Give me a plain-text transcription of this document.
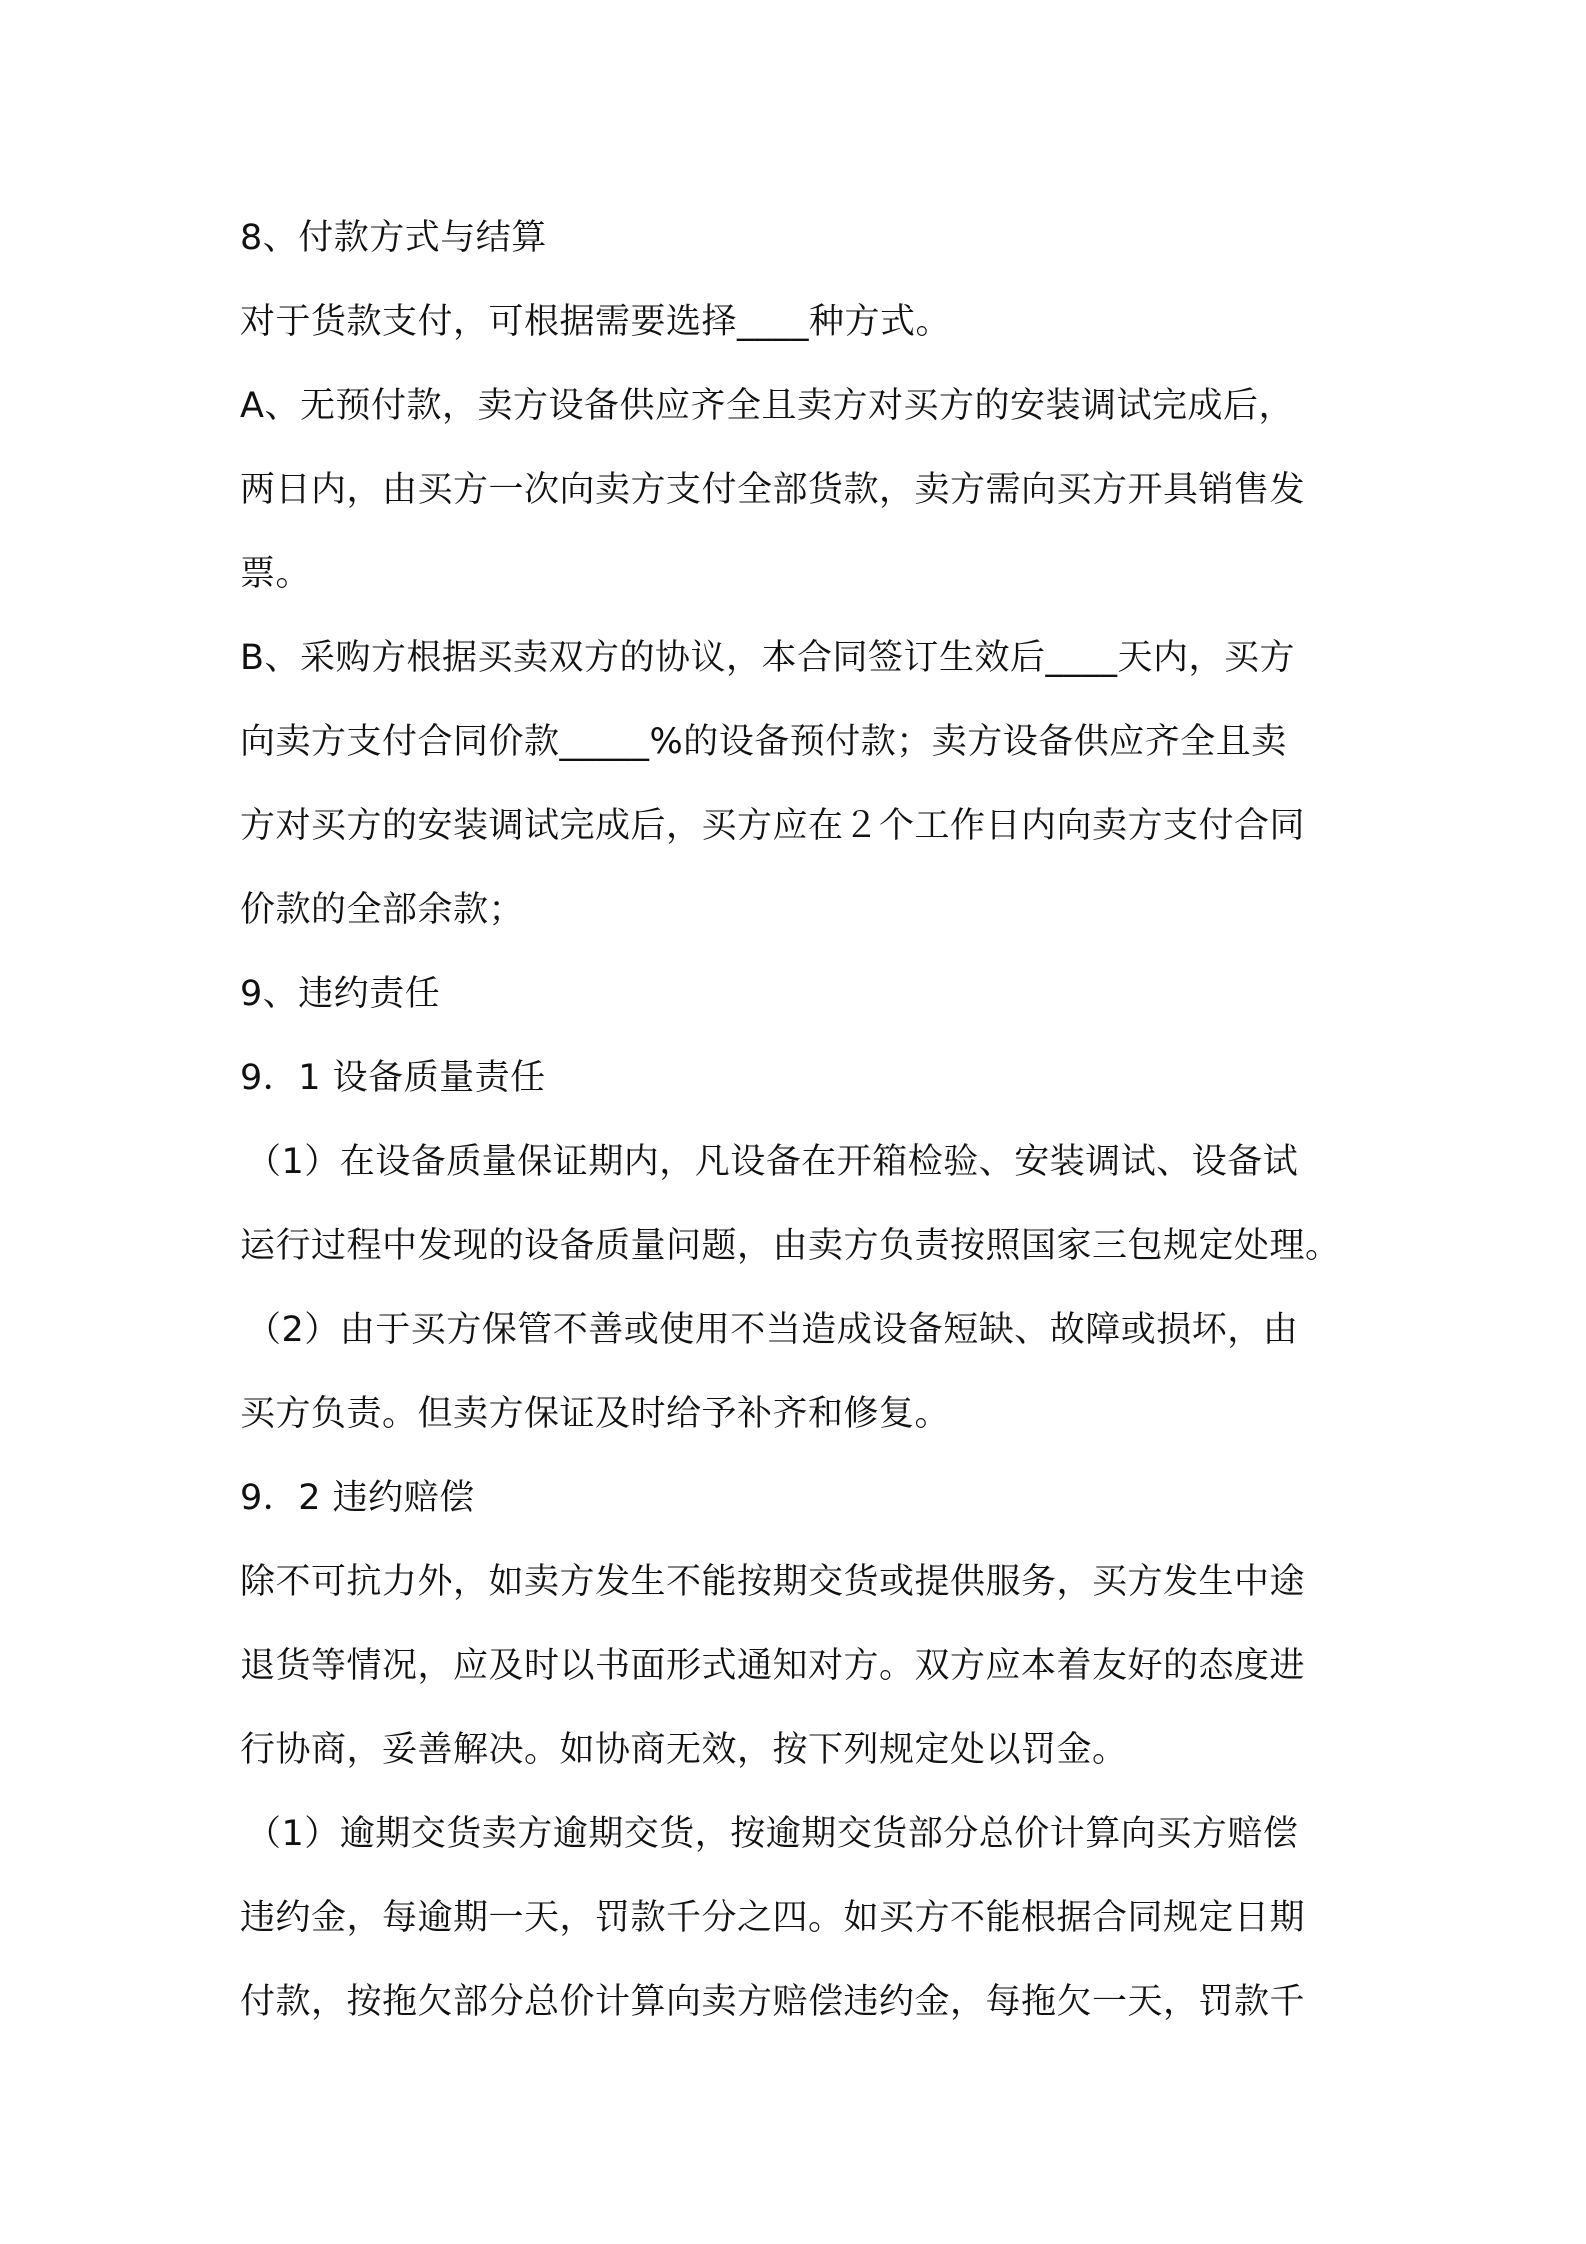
8、付款方式与结算
对于货款支付，可根据需要选择____种方式。
A、无预付款，卖方设备供应齐全且卖方对买方的安装调试完成后，
两日内，由买方一次向卖方支付全部货款，卖方需向买方开具销售发
票。
B、采购方根据买卖双方的协议，本合同签订生效后____天内，买方
向卖方支付合同价款_____%的设备预付款；卖方设备供应齐全且卖
方对买方的安装调试完成后，买方应在２个工作日内向卖方支付合同
价款的全部余款；
9、违约责任
9．1 设备质量责任
（1）在设备质量保证期内，凡设备在开箱检验、安装调试、设备试
运行过程中发现的设备质量问题，由卖方负责按照国家三包规定处理。
（2）由于买方保管不善或使用不当造成设备短缺、故障或损坏，由
买方负责。但卖方保证及时给予补齐和修复。
9．2 违约赔偿
除不可抗力外，如卖方发生不能按期交货或提供服务，买方发生中途
退货等情况，应及时以书面形式通知对方。双方应本着友好的态度进
行协商，妥善解决。如协商无效，按下列规定处以罚金。
（1）逾期交货卖方逾期交货，按逾期交货部分总价计算向买方赔偿
违约金，每逾期一天，罚款千分之四。如买方不能根据合同规定日期
付款，按拖欠部分总价计算向卖方赔偿违约金，每拖欠一天，罚款千
